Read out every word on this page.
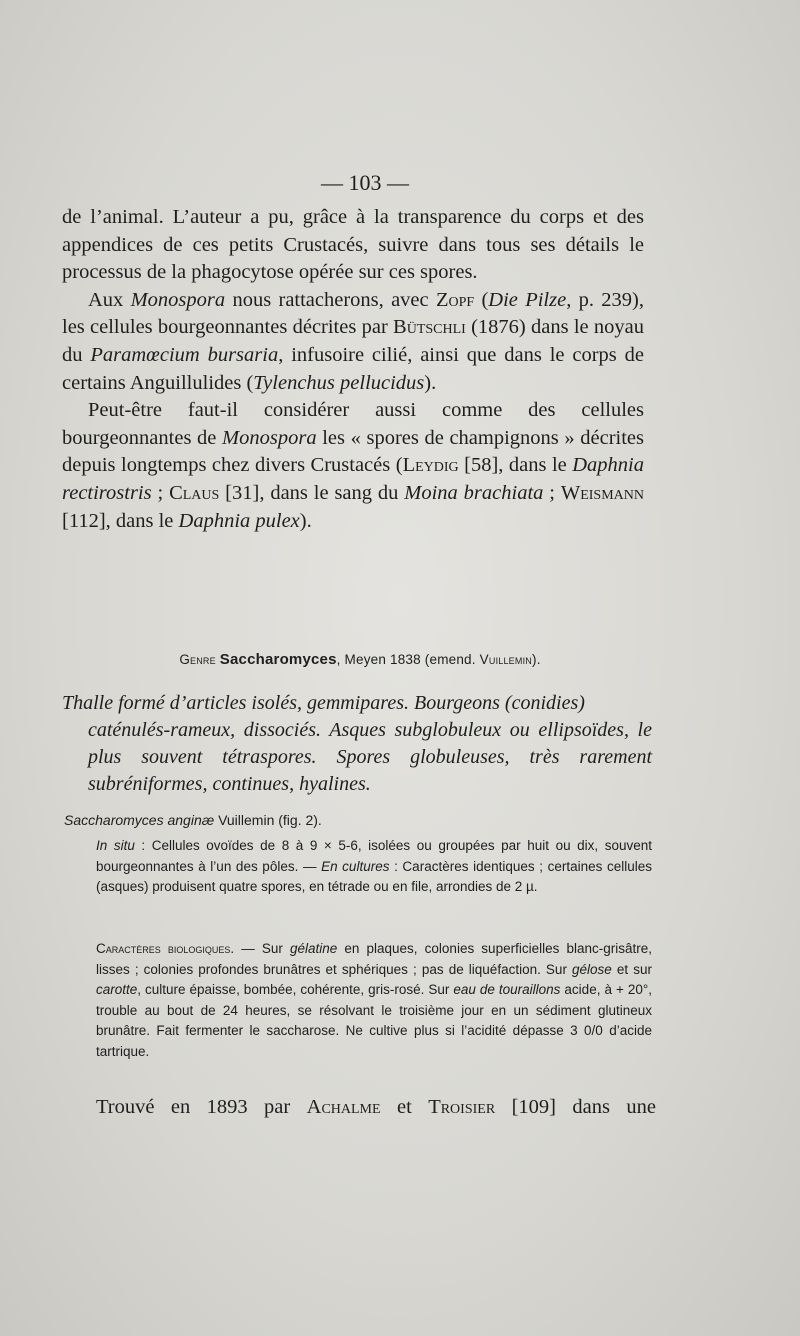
— 103 —

de l’animal. L’auteur a pu, grâce à la transparence du corps et des appendices de ces petits Crustacés, suivre dans tous ses détails le processus de la phagocytose opérée sur ces spores.

Aux Monospora nous rattacherons, avec Zopf (Die Pilze, p. 239), les cellules bourgeonnantes décrites par Bütschli (1876) dans le noyau du Paramœcium bursaria, infusoire cilié, ainsi que dans le corps de certains Anguillulides (Tylenchus pellucidus).

Peut-être faut-il considérer aussi comme des cellules bourgeonnantes de Monospora les « spores de champignons » décrites depuis longtemps chez divers Crustacés (Leydig [58], dans le Daphnia rectirostris ; Claus [31], dans le sang du Moina brachiata ; Weismann [112], dans le Daphnia pulex).

Genre Saccharomyces, Meyen 1838 (emend. Vuillemin).
Thalle formé d’articles isolés, gemmipares. Bourgeons (conidies)
caténulés-rameux, dissociés. Asques subglobuleux ou ellipsoïdes, le plus souvent tétraspores. Spores globuleuses, très rarement subréniformes, continues, hyalines.
Saccharomyces anginæ Vuillemin (fig. 2).

In situ : Cellules ovoïdes de 8 à 9 × 5-6, isolées ou groupées par huit ou dix, souvent bourgeonnantes à l’un des pôles. — En cultures : Caractères identiques ; certaines cellules (asques) produisent quatre spores, en tétrade ou en file, arrondies de 2 µ.

Caractères biologiques. — Sur gélatine en plaques, colonies superficielles blanc-grisâtre, lisses ; colonies profondes brunâtres et sphériques ; pas de liquéfaction. Sur gélose et sur carotte, culture épaisse, bombée, cohérente, gris-rosé. Sur eau de touraillons acide, à + 20°, trouble au bout de 24 heures, se résolvant le troisième jour en un sédiment glutineux brunâtre. Fait fermenter le saccharose. Ne cultive plus si l’acidité dépasse 3 0/0 d’acide tartrique.

Trouvé en 1893 par Achalme et Troisier [109] dans une
